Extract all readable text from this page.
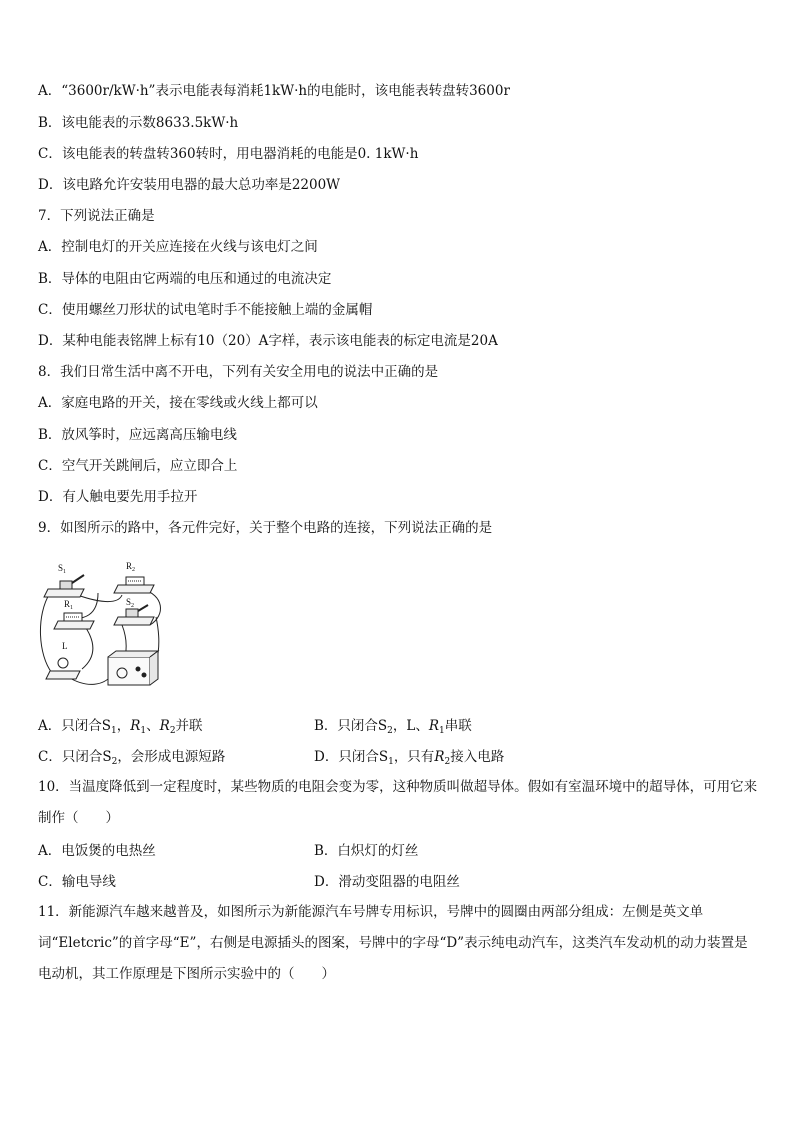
A．“3600r/kW·h”表示电能表每消耗1kW·h的电能时，该电能表转盘转3600r
B．该电能表的示数8633.5kW·h
C．该电能表的转盘转360转时，用电器消耗的电能是0. 1kW·h
D．该电路允许安装用电器的最大总功率是2200W
7．下列说法正确是
A．控制电灯的开关应连接在火线与该电灯之间
B．导体的电阻由它两端的电压和通过的电流决定
C．使用螺丝刀形状的试电笔时手不能接触上端的金属帽
D．某种电能表铭牌上标有10（20）A字样，表示该电能表的标定电流是20A
8．我们日常生活中离不开电，下列有关安全用电的说法中正确的是
A．家庭电路的开关，接在零线或火线上都可以
B．放风筝时，应远离高压输电线
C．空气开关跳闸后，应立即合上
D．有人触电要先用手拉开
9．如图所示的路中，各元件完好，关于整个电路的连接，下列说法正确的是
$S_1$
$R_2$
$R_1$
$S_2$
L
A．只闭合$S_1$，$R_1$、$R_2$并联	B．只闭合$S_2$，L、$R_1$串联
C．只闭合$S_2$，会形成电源短路	D．只闭合$S_1$，只有$R_2$接入电路
10．当温度降低到一定程度时，某些物质的电阻会变为零，这种物质叫做超导体。假如有室温环境中的超导体，可用它来制作（　　）
A．电饭煲的电热丝	B．白炽灯的灯丝
C．输电导线	D．滑动变阻器的电阻丝
11．新能源汽车越来越普及，如图所示为新能源汽车号牌专用标识，号牌中的圆圈由两部分组成：左侧是英文单词“Eletcric”的首字母“E”，右侧是电源插头的图案，号牌中的字母“D”表示纯电动汽车，这类汽车发动机的动力装置是电动机，其工作原理是下图所示实验中的（　　）
